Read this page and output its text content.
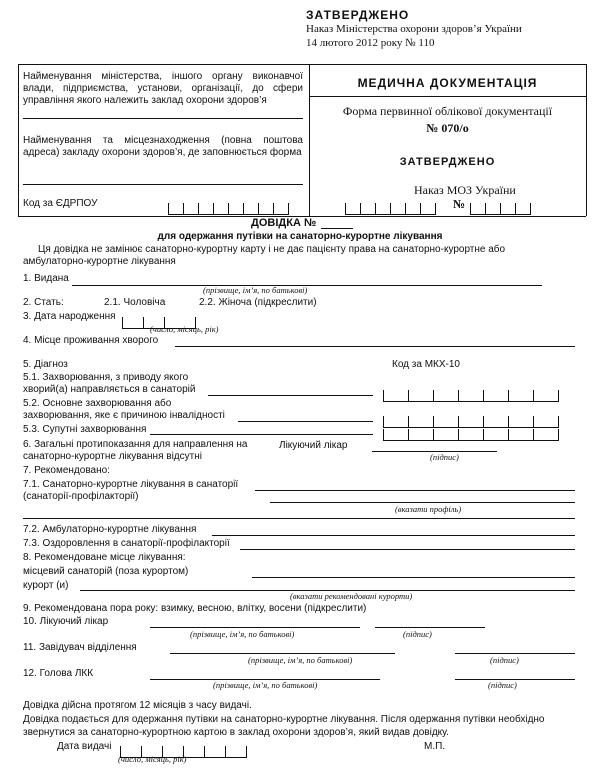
ЗАТВЕРДЖЕНО
Наказ Міністерства охорони здоров’я України
14 лютого 2012 року № 110
Найменування міністерства, іншого органу виконавчої влади, підприємства, установи, організації, до сфери управління якого належить заклад охорони здоров’я
Найменування та місцезнаходження (повна поштова адреса) закладу охорони здоров’я, де заповнюється форма
Код за ЄДРПОУ
МЕДИЧНА ДОКУМЕНТАЦІЯ
Форма первинної облікової документації
№ 070/о
ЗАТВЕРДЖЕНО
Наказ МОЗ України
№
ДОВІДКА №
для одержання путівки на санаторно-курортне лікування
Ця довідка не замінює санаторно-курортну карту і не дає пацієнту права на санаторно-курортне або
амбулаторно-курортне лікування
1. Видана
(прізвище, ім’я, по батькові)
2. Стать:	2.1. Чоловіча	2.2. Жіноча (підкреслити)
3. Дата народження
(число, місяць, рік)
4. Місце проживання хворого
5. Діагноз	Код за МКХ-10
5.1. Захворювання, з приводу якого
хворий(а) направляється в санаторій
5.2. Основне захворювання або
захворювання, яке є причиною інвалідності
5.3. Супутні захворювання
6. Загальні протипоказання для направлення на
санаторно-курортне лікування відсутні
Лікуючий лікар
(підпис)
7. Рекомендовано:
7.1. Санаторно-курортне лікування в санаторії
(санаторії-профілакторії)
(вказати профіль)
7.2. Амбулаторно-курортне лікування
7.3. Оздоровлення в санаторії-профілакторії
8. Рекомендоване місце лікування:
місцевий санаторій (поза курортом)
курорт (и)
(вказати рекомендовані курорти)
9. Рекомендована пора року: взимку, весною, влітку, восени (підкреслити)
10. Лікуючий лікар
(прізвище, ім’я, по батькові)	(підпис)
11. Завідувач відділення
(прізвище, ім’я, по батькові)	(підпис)
12. Голова ЛКК
(прізвище, ім’я, по батькові)	(підпис)
Довідка дійсна протягом 12 місяців з часу видачі.
Довідка подається для одержання путівки на санаторно-курортне лікування. Після одержання путівки необхідно
звернутися за санаторно-курортною картою в заклад охорони здоров’я, який видав довідку.
Дата видачі
(число, місяць, рік)
М.П.
